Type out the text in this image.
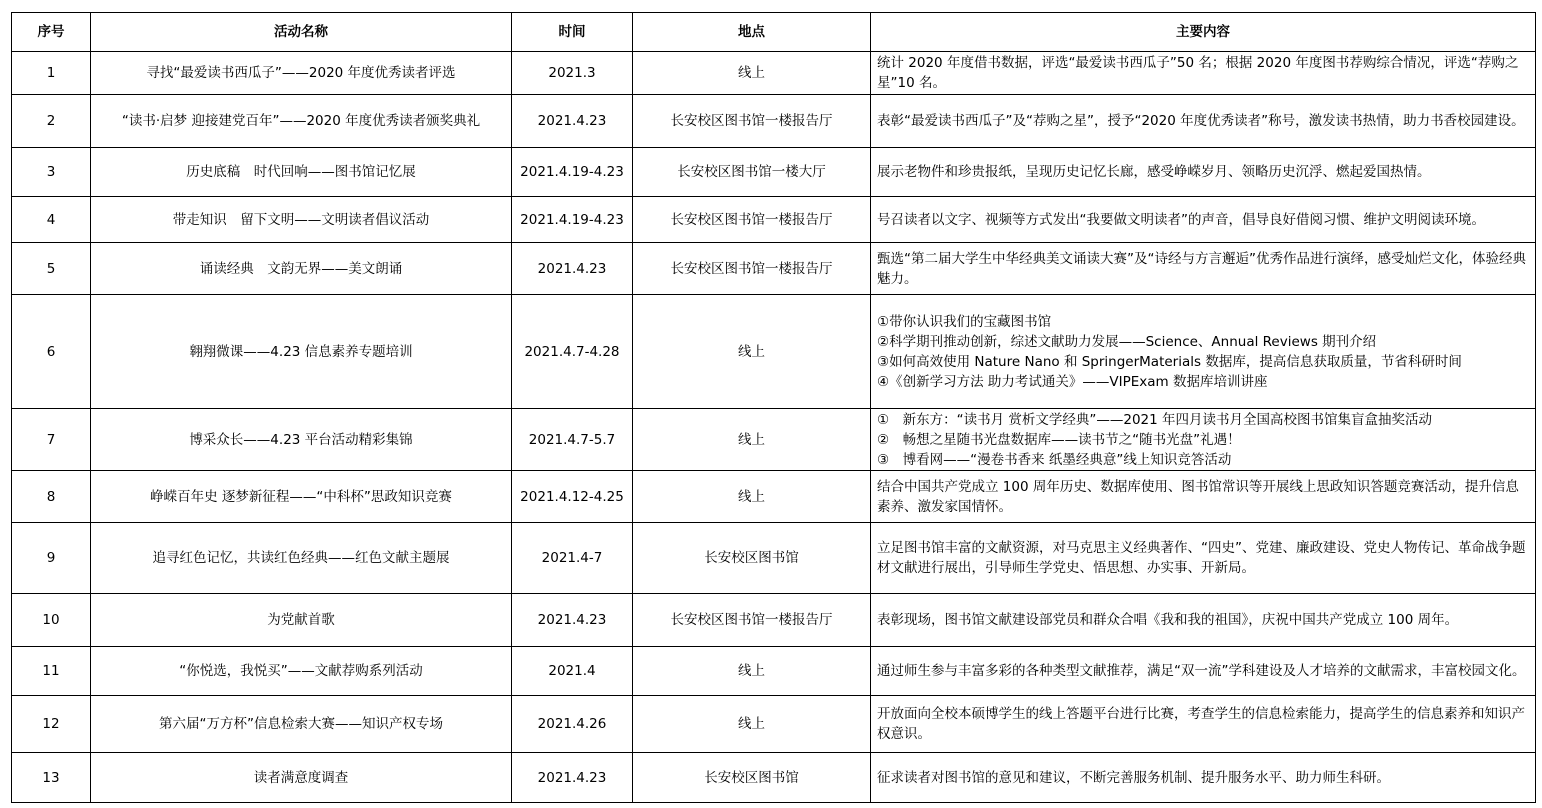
序号	活动名称	时间	地点	主要内容
1	寻找“最爱读书西瓜子”——2020 年度优秀读者评选	2021.3	线上	统计 2020 年度借书数据，评选“最爱读书西瓜子”50 名；根据 2020 年度图书荐购综合情况，评选“荐购之星”10 名。
2	“读书·启梦 迎接建党百年”——2020 年度优秀读者颁奖典礼	2021.4.23	长安校区图书馆一楼报告厅	表彰“最爱读书西瓜子”及“荐购之星”，授予“2020 年度优秀读者”称号，激发读书热情，助力书香校园建设。
3	历史底稿　时代回响——图书馆记忆展	2021.4.19-4.23	长安校区图书馆一楼大厅	展示老物件和珍贵报纸，呈现历史记忆长廊，感受峥嵘岁月、领略历史沉浮、燃起爱国热情。
4	带走知识　留下文明——文明读者倡议活动	2021.4.19-4.23	长安校区图书馆一楼报告厅	号召读者以文字、视频等方式发出“我要做文明读者”的声音，倡导良好借阅习惯、维护文明阅读环境。
5	诵读经典　文韵无界——美文朗诵	2021.4.23	长安校区图书馆一楼报告厅	甄选“第二届大学生中华经典美文诵读大赛”及“诗经与方言邂逅”优秀作品进行演绎，感受灿烂文化，体验经典魅力。
6	翱翔微课——4.23 信息素养专题培训	2021.4.7-4.28	线上	①带你认识我们的宝藏图书馆
②科学期刊推动创新，综述文献助力发展——Science、Annual Reviews 期刊介绍
③如何高效使用 Nature Nano 和 SpringerMaterials 数据库，提高信息获取质量，节省科研时间
④《创新学习方法 助力考试通关》——VIPExam 数据库培训讲座

7	博采众长——4.23 平台活动精彩集锦	2021.4.7-5.7	线上	①　新东方：“读书月 赏析文学经典”——2021 年四月读书月全国高校图书馆集盲盒抽奖活动
②　畅想之星随书光盘数据库——读书节之“随书光盘”礼遇！
③　博看网——“漫卷书香来 纸墨经典意”线上知识竞答活动

8	峥嵘百年史 逐梦新征程——“中科杯”思政知识竞赛	2021.4.12-4.25	线上	结合中国共产党成立 100 周年历史、数据库使用、图书馆常识等开展线上思政知识答题竞赛活动，提升信息素养、激发家国情怀。
9	追寻红色记忆，共读红色经典——红色文献主题展	2021.4-7	长安校区图书馆	立足图书馆丰富的文献资源，对马克思主义经典著作、“四史”、党建、廉政建设、党史人物传记、革命战争题材文献进行展出，引导师生学党史、悟思想、办实事、开新局。
10	为党献首歌	2021.4.23	长安校区图书馆一楼报告厅	表彰现场，图书馆文献建设部党员和群众合唱《我和我的祖国》，庆祝中国共产党成立 100 周年。
11	“你悦选，我悦买”——文献荐购系列活动	2021.4	线上	通过师生参与丰富多彩的各种类型文献推荐，满足“双一流”学科建设及人才培养的文献需求，丰富校园文化。
12	第六届“万方杯”信息检索大赛——知识产权专场	2021.4.26	线上	开放面向全校本硕博学生的线上答题平台进行比赛，考查学生的信息检索能力，提高学生的信息素养和知识产权意识。
13	读者满意度调查	2021.4.23	长安校区图书馆	征求读者对图书馆的意见和建议，不断完善服务机制、提升服务水平、助力师生科研。
